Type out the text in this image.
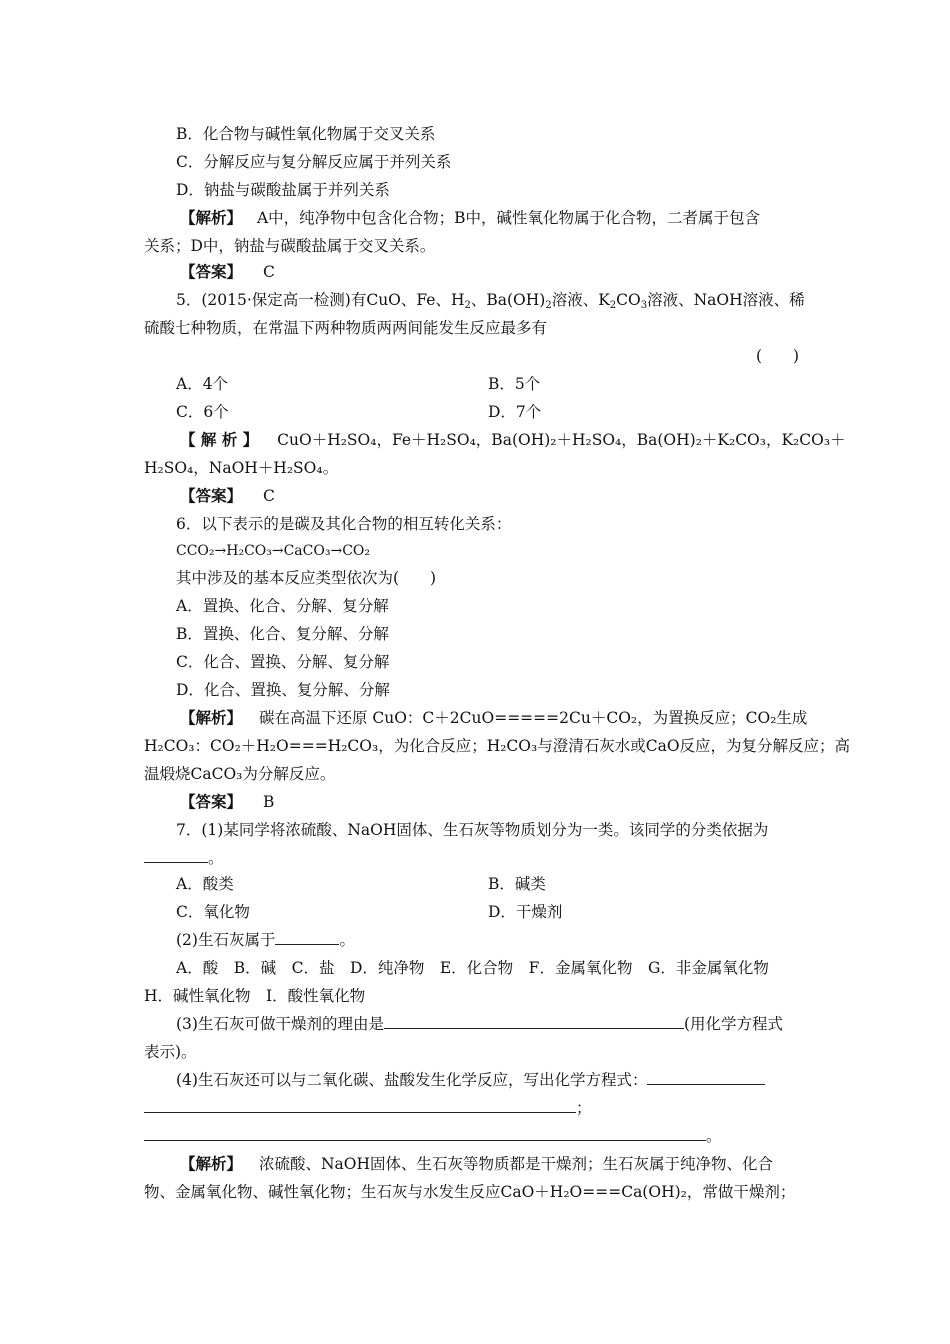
B．化合物与碱性氧化物属于交叉关系
C．分解反应与复分解反应属于并列关系
D．钠盐与碳酸盐属于并列关系
【解析】 A中，纯净物中包含化合物；B中，碱性氧化物属于化合物，二者属于包含
关系；D中，钠盐与碳酸盐属于交叉关系。
【答案】 C
5．(2015·保定高一检测)有CuO、Fe、$H_2$、$Ba(OH)_2$溶液、$K_2CO_3$溶液、NaOH溶液、稀
硫酸七种物质，在常温下两种物质两两间能发生反应最多有
(　　)
A．4个	B．5个
C．6个	D．7个
【 解 析 】 CuO＋H₂SO₄，Fe＋H₂SO₄，Ba(OH)₂＋H₂SO₄，Ba(OH)₂＋K₂CO₃，K₂CO₃＋
H₂SO₄，NaOH＋H₂SO₄。
【答案】 C
6．以下表示的是碳及其化合物的相互转化关系：
CCO₂→H₂CO₃→CaCO₃→CO₂
其中涉及的基本反应类型依次为(　　)
A．置换、化合、分解、复分解
B．置换、化合、复分解、分解
C．化合、置换、分解、复分解
D．化合、置换、复分解、分解
【解析】 碳在高温下还原 CuO：C＋2CuO=====2Cu＋CO₂，为置换反应；CO₂生成
H₂CO₃：CO₂＋H₂O===H₂CO₃，为化合反应；H₂CO₃与澄清石灰水或CaO反应，为复分解反应；高
温煅烧CaCO₃为分解反应。
【答案】 B
7．(1)某同学将浓硫酸、NaOH固体、生石灰等物质划分为一类。该同学的分类依据为
。
A．酸类	B．碱类
C．氧化物	D．干燥剂
(2)生石灰属于	。
A．酸　B．碱　C．盐　D．纯净物　E．化合物　F．金属氧化物　G．非金属氧化物
H．碱性氧化物　I．酸性氧化物
(3)生石灰可做干燥剂的理由是	(用化学方程式
表示)。
(4)生石灰还可以与二氧化碳、盐酸发生化学反应，写出化学方程式：
；
。
【解析】 浓硫酸、NaOH固体、生石灰等物质都是干燥剂；生石灰属于纯净物、化合
物、金属氧化物、碱性氧化物；生石灰与水发生反应CaO＋H₂O===Ca(OH)₂，常做干燥剂；
